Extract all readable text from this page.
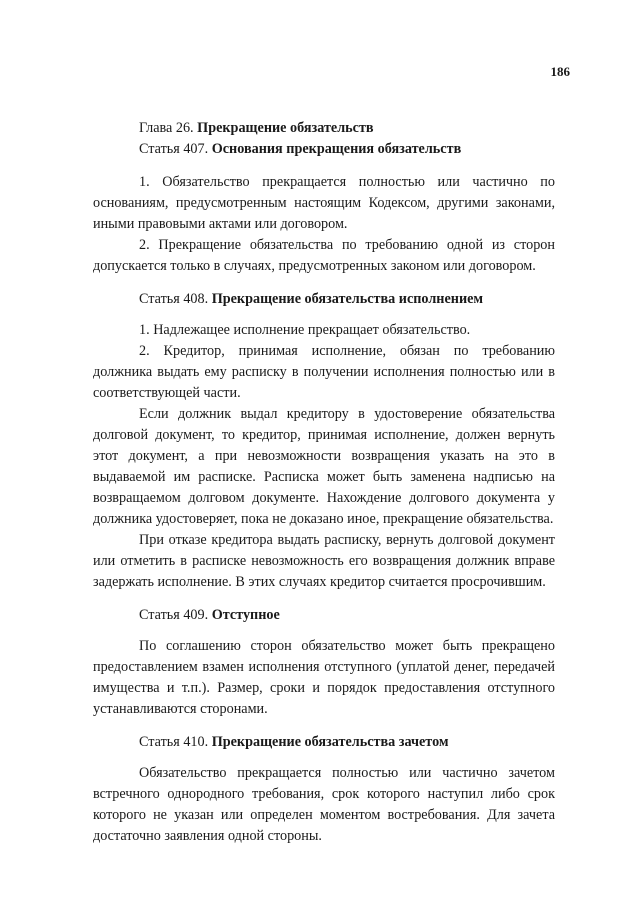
186
Глава 26. Прекращение обязательств
Статья 407. Основания прекращения обязательств

1. Обязательство прекращается полностью или частично по основаниям, предусмотренным настоящим Кодексом, другими законами, иными правовыми актами или договором.

2. Прекращение обязательства по требованию одной из сторон допускается только в случаях, предусмотренных законом или договором.

Статья 408. Прекращение обязательства исполнением

1. Надлежащее исполнение прекращает обязательство.

2. Кредитор, принимая исполнение, обязан по требованию должника выдать ему расписку в получении исполнения полностью или в соответствующей части.

Если должник выдал кредитору в удостоверение обязательства долговой документ, то кредитор, принимая исполнение, должен вернуть этот документ, а при невозможности возвращения указать на это в выдаваемой им расписке. Расписка может быть заменена надписью на возвращаемом долговом документе. Нахождение долгового документа у должника удостоверяет, пока не доказано иное, прекращение обязательства.

При отказе кредитора выдать расписку, вернуть долговой документ или отметить в расписке невозможность его возвращения должник вправе задержать исполнение. В этих случаях кредитор считается просрочившим.

Статья 409. Отступное

По соглашению сторон обязательство может быть прекращено предоставлением взамен исполнения отступного (уплатой денег, передачей имущества и т.п.). Размер, сроки и порядок предоставления отступного устанавливаются сторонами.

Статья 410. Прекращение обязательства зачетом

Обязательство прекращается полностью или частично зачетом встречного однородного требования, срок которого наступил либо срок которого не указан или определен моментом востребования. Для зачета достаточно заявления одной стороны.
